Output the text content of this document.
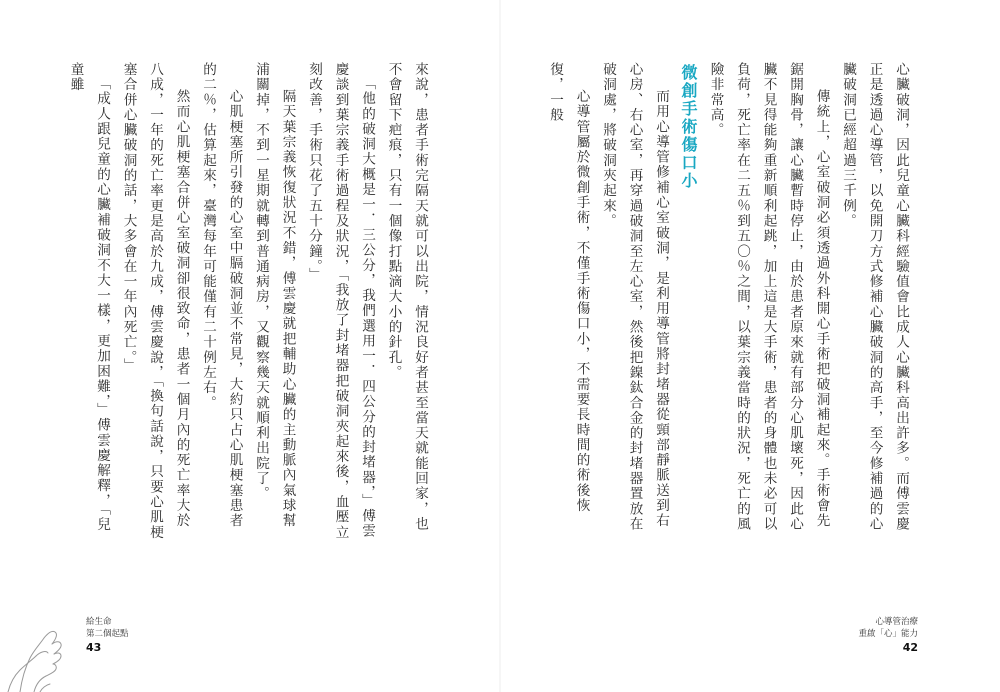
心臟破洞，因此兒童心臟科經驗值會比成人心臟科高出許多。而傅雲慶正是透過心導管，以免開刀方式修補心臟破洞的高手，至今修補過的心臟破洞已經超過三千例。

傳統上，心室破洞必須透過外科開心手術把破洞補起來。手術會先鋸開胸骨，讓心臟暫時停止，由於患者原來就有部分心肌壞死，因此心臟不見得能夠重新順利起跳，加上這是大手術，患者的身體也未必可以負荷，死亡率在二五％到五〇％之間，以葉宗義當時的狀況，死亡的風險非常高。

微創手術傷口小

而用心導管修補心室破洞，是利用導管將封堵器從頸部靜脈送到右心房、右心室，再穿過破洞至左心室，然後把鎳鈦合金的封堵器置放在破洞處，將破洞夾起來。

心導管屬於微創手術，不僅手術傷口小，不需要長時間的術後恢復，一般

來說，患者手術完隔天就可以出院，情況良好者甚至當天就能回家，也不會留下疤痕，只有一個像打點滴大小的針孔。

「他的破洞大概是一．三公分，我們選用一．四公分的封堵器，」傅雲慶談到葉宗義手術過程及狀況，「我放了封堵器把破洞夾起來後，血壓立刻改善，手術只花了五十分鐘。」

隔天葉宗義恢復狀況不錯，傅雲慶就把輔助心臟的主動脈內氣球幫浦關掉，不到一星期就轉到普通病房，又觀察幾天就順利出院了。

心肌梗塞所引發的心室中膈破洞並不常見，大約只占心肌梗塞患者的二％，估算起來，臺灣每年可能僅有二十例左右。

然而心肌梗塞合併心室破洞卻很致命，患者一個月內的死亡率大於八成，一年的死亡率更是高於九成，傅雲慶說，「換句話說，只要心肌梗塞合併心臟破洞的話，大多會在一年內死亡。」

「成人跟兒童的心臟補破洞不大一樣，更加困難，」傅雲慶解釋，「兒童雖

給生命
第二個起點
43
心導管治療
重啟「心」能力
42
